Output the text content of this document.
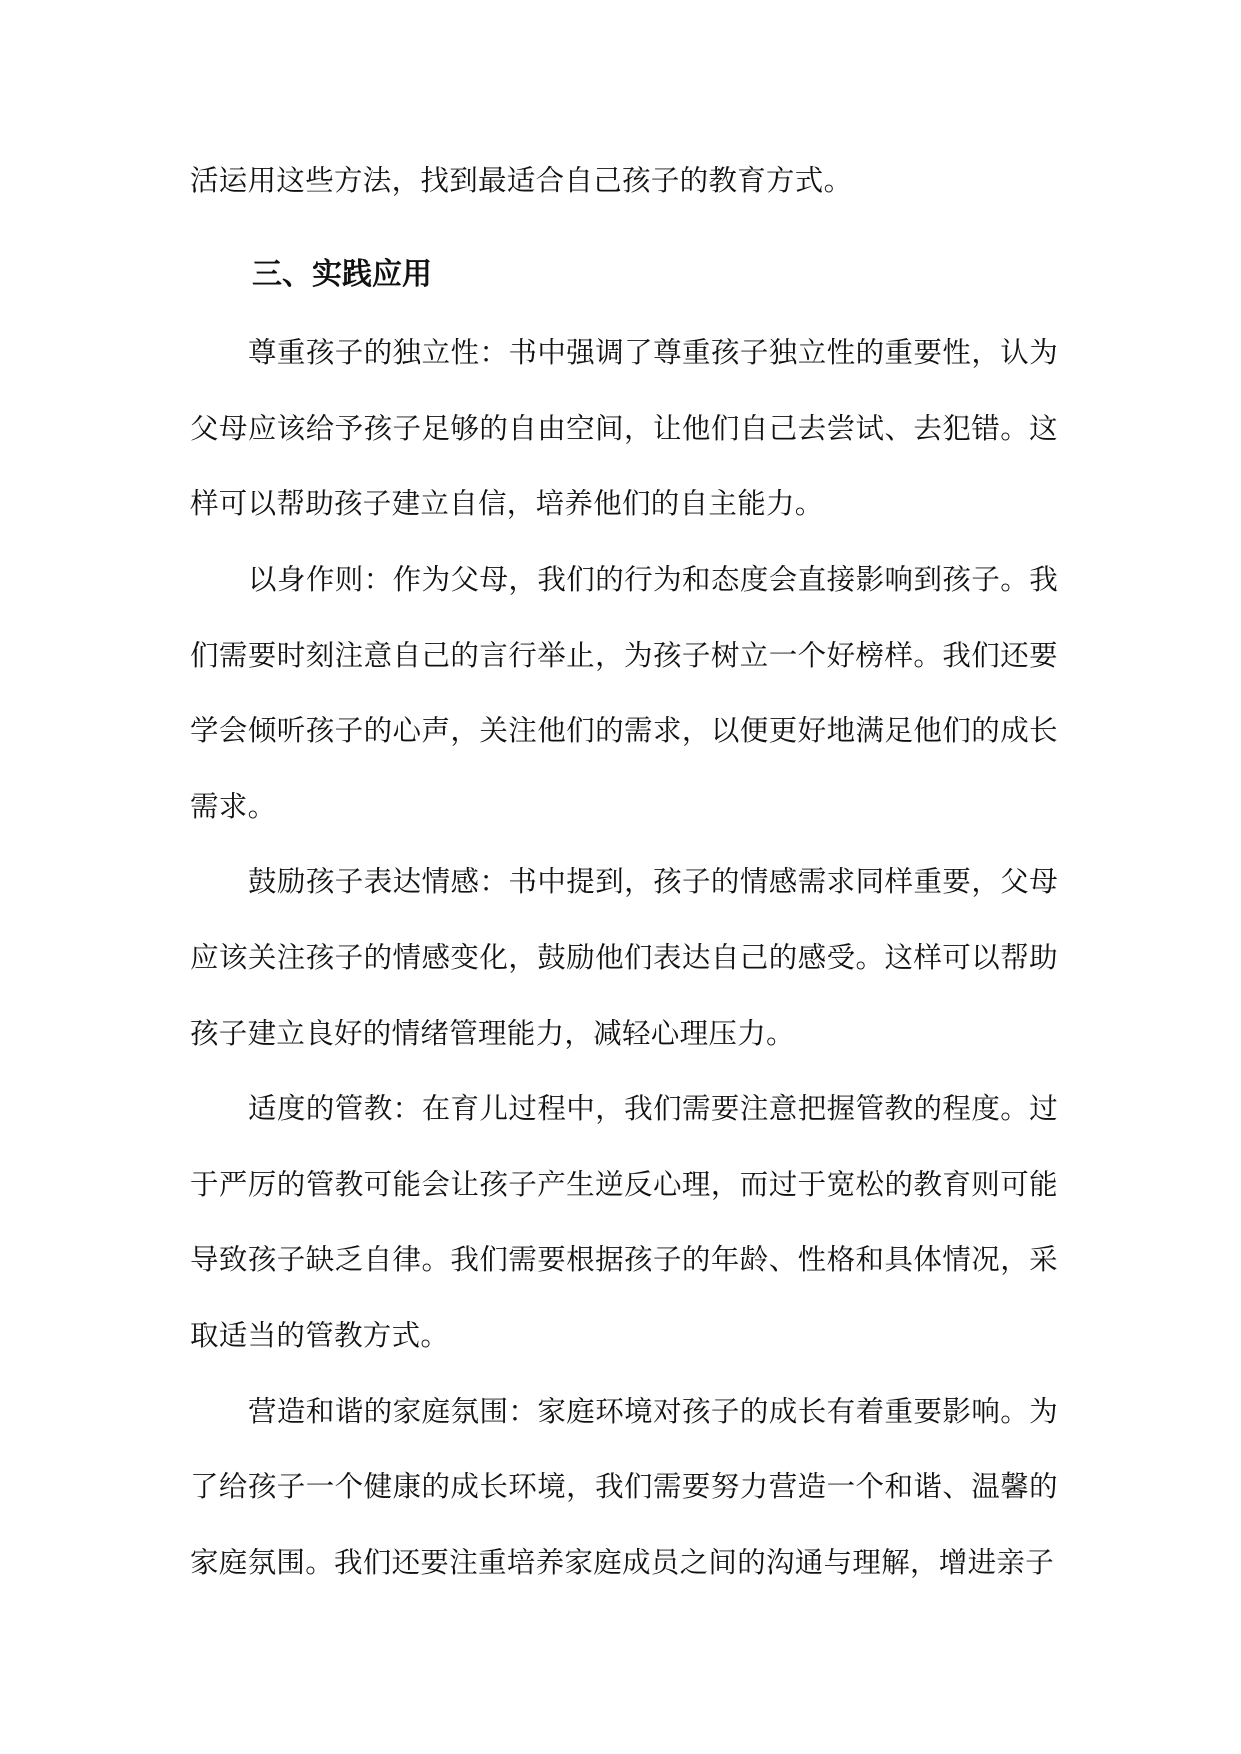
活运用这些方法，找到最适合自己孩子的教育方式。

三、实践应用

尊重孩子的独立性：书中强调了尊重孩子独立性的重要性，认为父母应该给予孩子足够的自由空间，让他们自己去尝试、去犯错。这样可以帮助孩子建立自信，培养他们的自主能力。

以身作则：作为父母，我们的行为和态度会直接影响到孩子。我们需要时刻注意自己的言行举止，为孩子树立一个好榜样。我们还要学会倾听孩子的心声，关注他们的需求，以便更好地满足他们的成长需求。

鼓励孩子表达情感：书中提到，孩子的情感需求同样重要，父母应该关注孩子的情感变化，鼓励他们表达自己的感受。这样可以帮助孩子建立良好的情绪管理能力，减轻心理压力。

适度的管教：在育儿过程中，我们需要注意把握管教的程度。过于严厉的管教可能会让孩子产生逆反心理，而过于宽松的教育则可能导致孩子缺乏自律。我们需要根据孩子的年龄、性格和具体情况，采取适当的管教方式。

营造和谐的家庭氛围：家庭环境对孩子的成长有着重要影响。为了给孩子一个健康的成长环境，我们需要努力营造一个和谐、温馨的家庭氛围。我们还要注重培养家庭成员之间的沟通与理解，增进亲子
